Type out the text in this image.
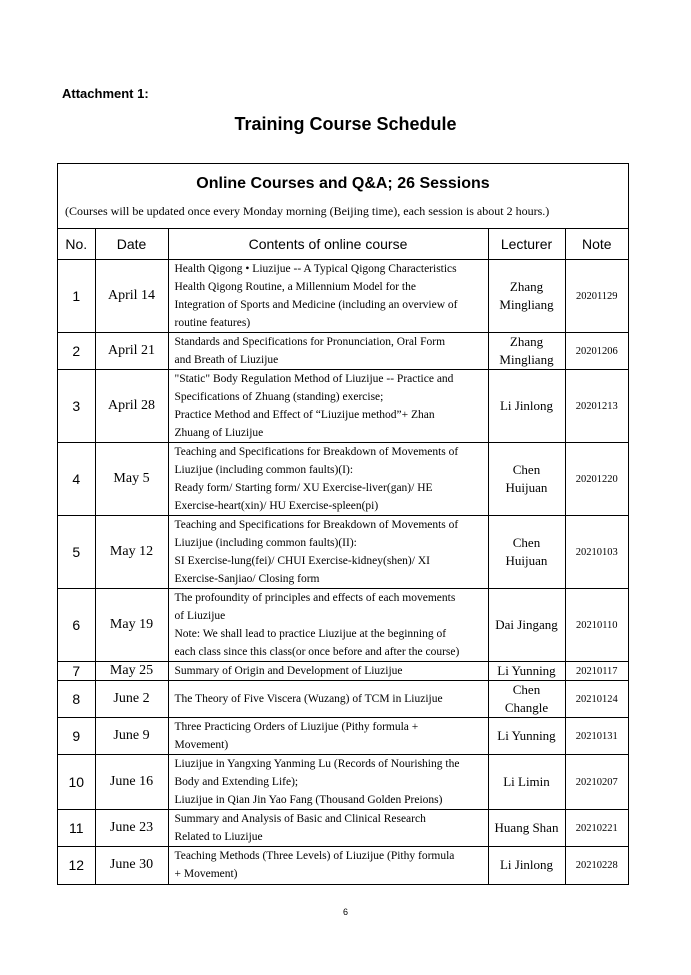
Attachment 1:
Training Course Schedule
Online Courses and Q&A; 26 Sessions
(Courses will be updated once every Monday morning (Beijing time), each session is about 2 hours.)
No.	Date	Contents of online course	Lecturer	Note
1	April 14	Health Qigong • Liuzijue -- A Typical Qigong Characteristics
Health Qigong Routine, a Millennium Model for the
Integration of Sports and Medicine (including an overview of
routine features)	Zhang
Mingliang	20201129
2	April 21	Standards and Specifications for Pronunciation, Oral Form
and Breath of Liuzijue	Zhang
Mingliang	20201206
3	April 28	"Static" Body Regulation Method of Liuzijue -- Practice and
Specifications of Zhuang (standing) exercise;
Practice Method and Effect of “Liuzijue method”+ Zhan
Zhuang of Liuzijue	Li Jinlong	20201213
4	May 5	Teaching and Specifications for Breakdown of Movements of
Liuzijue (including common faults)(I):
Ready form/ Starting form/ XU Exercise-liver(gan)/ HE
Exercise-heart(xin)/ HU Exercise-spleen(pi)	Chen
Huijuan	20201220
5	May 12	Teaching and Specifications for Breakdown of Movements of
Liuzijue (including common faults)(II):
SI Exercise-lung(fei)/ CHUI Exercise-kidney(shen)/ XI
Exercise-Sanjiao/ Closing form	Chen
Huijuan	20210103
6	May 19	The profoundity of principles and effects of each movements
of Liuzijue
Note: We shall lead to practice Liuzijue at the beginning of
each class since this class(or once before and after the course)	Dai Jingang	20210110
7	May 25	Summary of Origin and Development of Liuzijue	Li Yunning	20210117
8	June 2	The Theory of Five Viscera (Wuzang) of TCM in Liuzijue	Chen
Changle	20210124
9	June 9	Three Practicing Orders of Liuzijue (Pithy formula +
Movement)	Li Yunning	20210131
10	June 16	Liuzijue in Yangxing Yanming Lu (Records of Nourishing the
Body and Extending Life);
Liuzijue in Qian Jin Yao Fang (Thousand Golden Preions)	Li Limin	20210207
11	June 23	Summary and Analysis of Basic and Clinical Research
Related to Liuzijue	Huang Shan	20210221
12	June 30	Teaching Methods (Three Levels) of Liuzijue (Pithy formula
+ Movement)	Li Jinlong	20210228
6
